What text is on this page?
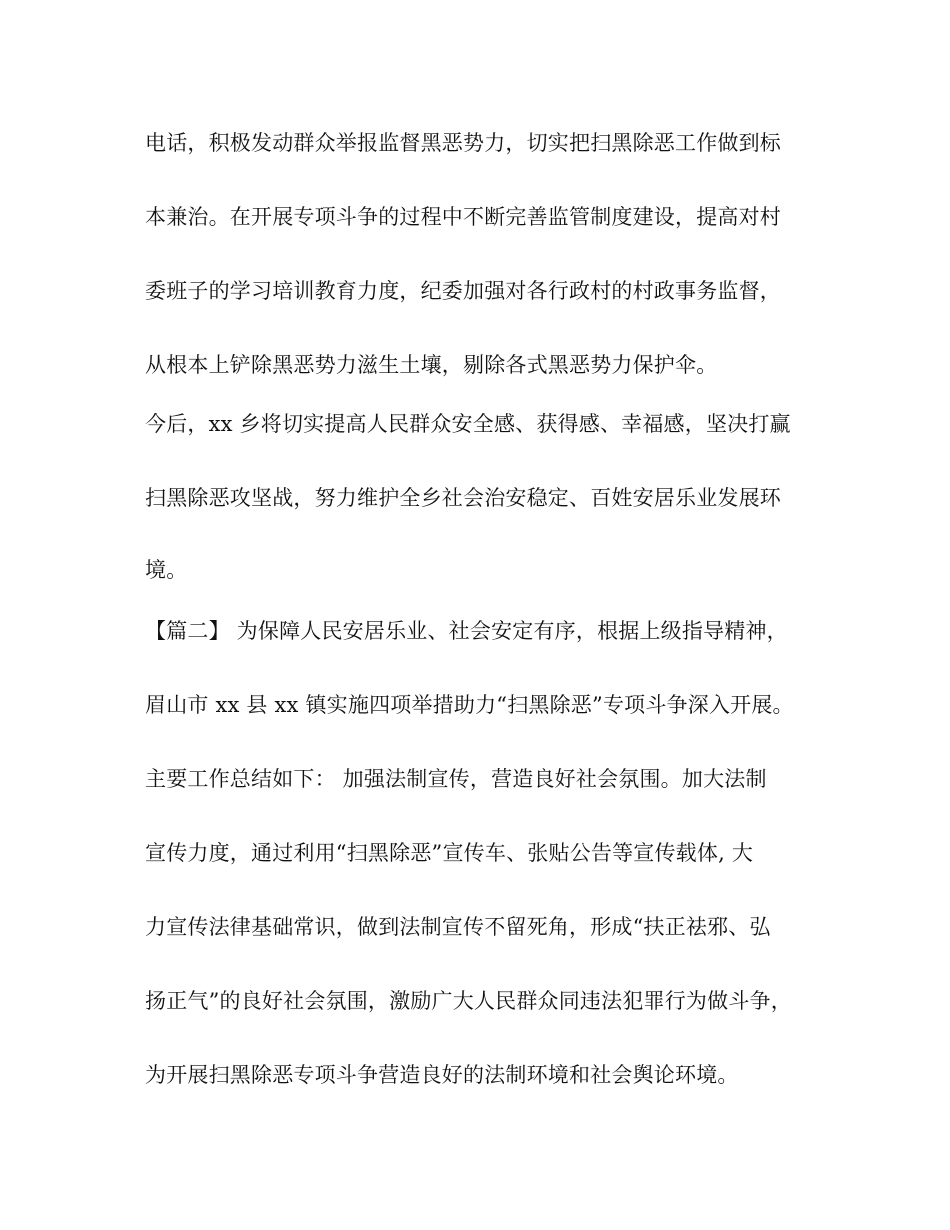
电话，积极发动群众举报监督黑恶势力，切实把扫黑除恶工作做到标
本兼治。在开展专项斗争的过程中不断完善监管制度建设，提高对村
委班子的学习培训教育力度，纪委加强对各行政村的村政事务监督，
从根本上铲除黑恶势力滋生土壤，剔除各式黑恶势力保护伞。
今后，xx 乡将切实提高人民群众安全感、获得感、幸福感，坚决打赢
扫黑除恶攻坚战，努力维护全乡社会治安稳定、百姓安居乐业发展环
境。
【篇二】 为保障人民安居乐业、社会安定有序，根据上级指导精神，
眉山市 xx 县 xx 镇实施四项举措助力“扫黑除恶”专项斗争深入开展。
主要工作总结如下： 加强法制宣传，营造良好社会氛围。加大法制
宣传力度，通过利用“扫黑除恶”宣传车、张贴公告等宣传载体, 大
力宣传法律基础常识，做到法制宣传不留死角，形成“扶正祛邪、弘
扬正气”的良好社会氛围，激励广大人民群众同违法犯罪行为做斗争，
为开展扫黑除恶专项斗争营造良好的法制环境和社会舆论环境。
